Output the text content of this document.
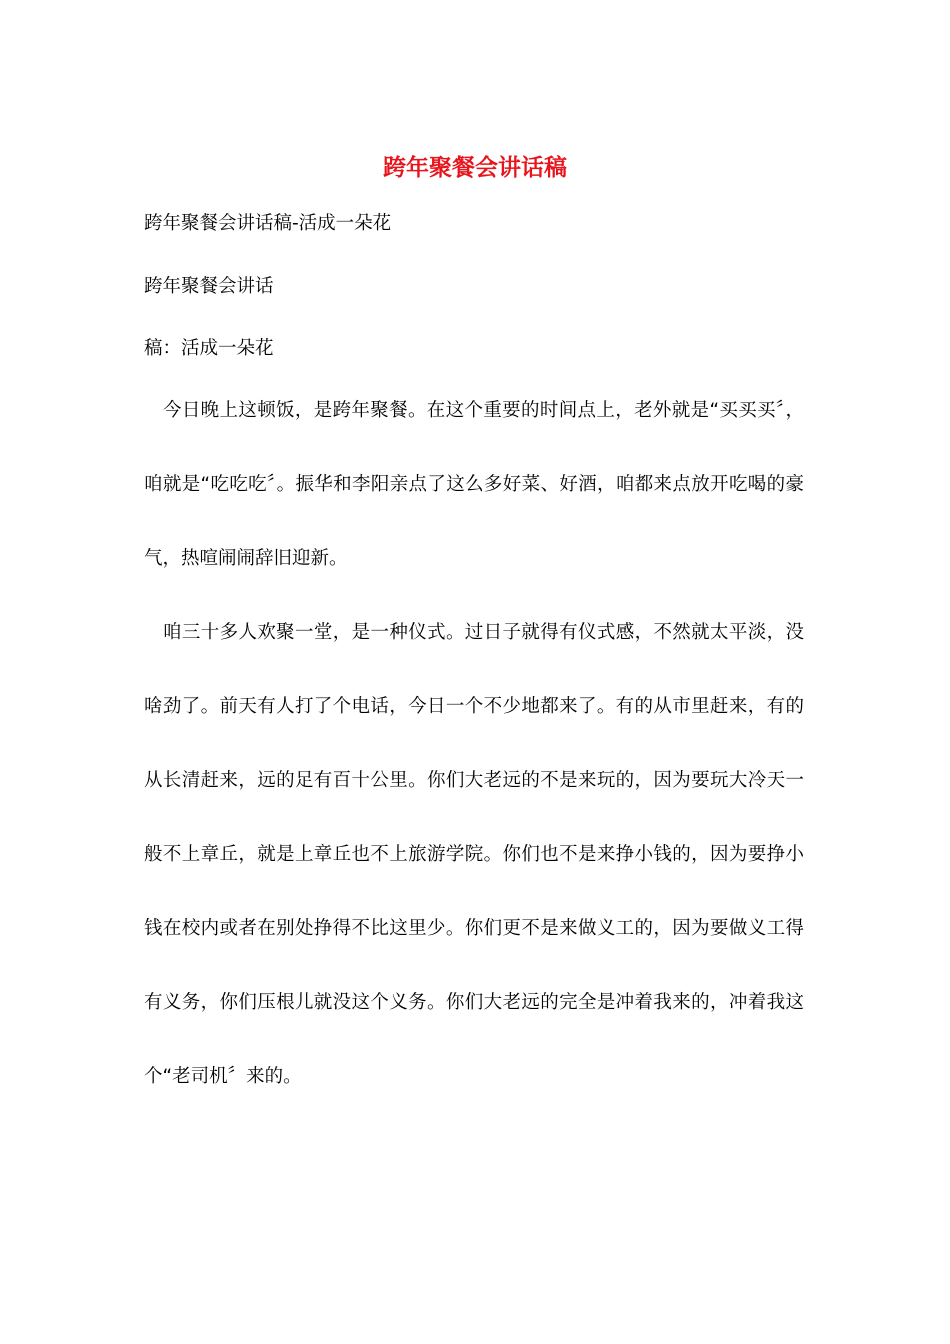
跨年聚餐会讲话稿

跨年聚餐会讲话稿-活成一朵花

跨年聚餐会讲话

稿：活成一朵花

今日晚上这顿饭，是跨年聚餐。在这个重要的时间点上，老外就是“买买买〞，咱就是“吃吃吃〞。振华和李阳亲点了这么多好菜、好酒，咱都来点放开吃喝的豪气，热喧闹闹辞旧迎新。

咱三十多人欢聚一堂，是一种仪式。过日子就得有仪式感，不然就太平淡，没啥劲了。前天有人打了个电话，今日一个不少地都来了。有的从市里赶来，有的从长清赶来，远的足有百十公里。你们大老远的不是来玩的，因为要玩大冷天一般不上章丘，就是上章丘也不上旅游学院。你们也不是来挣小钱的，因为要挣小钱在校内或者在别处挣得不比这里少。你们更不是来做义工的，因为要做义工得有义务，你们压根儿就没这个义务。你们大老远的完全是冲着我来的，冲着我这个“老司机〞来的。
